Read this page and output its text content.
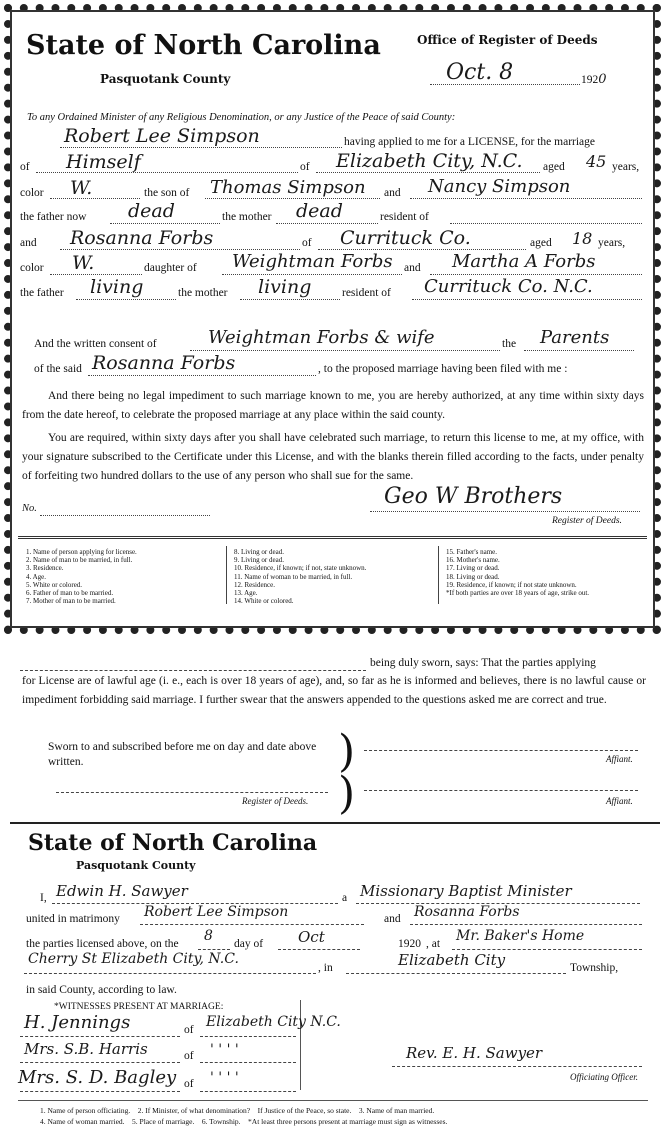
State of North Carolina
Pasquotank County
Office of Register of Deeds
Oct. 8	1920
To any Ordained Minister of any Religious Denomination, or any Justice of the Peace of said County:
Robert Lee Simpson	having applied to me for a LICENSE, for the marriage
of Himself	of Elizabeth City, N.C. aged 45 years,
color W.	the son of Thomas Simpson and Nancy Simpson
the father now dead	the mother dead	resident of
and Rosanna Forbs	of Currituck Co.	aged 18 years,
color W.	daughter of Weightman Forbs and Martha A Forbs
the father living	the mother living	resident of Currituck Co. N.C.
And the written consent of	Weightman Forbs & wife	the Parents
of the said Rosanna Forbs	, to the proposed marriage having been filed with me :
And there being no legal impediment to such marriage known to me, you are hereby authorized, at any time within sixty days from the date hereof, to celebrate the proposed marriage at any place within the said county.
You are required, within sixty days after you shall have celebrated such marriage, to return this license to me, at my office, with your signature subscribed to the Certificate under this License, and with the blanks therein filled according to the facts, under penalty of forfeiting two hundred dollars to the use of any person who shall sue for the same.
No.	Geo W Brothers
Register of Deeds.
1. Name of person applying for license.
2. Name of man to be married, in full.
3. Residence.
4. Age.
5. White or colored.
6. Father of man to be married.
7. Mother of man to be married.
8. Living or dead.
9. Living or dead.
10. Residence, if known; if not, state unknown.
11. Name of woman to be married, in full.
12. Residence.
13. Age.
14. White or colored.
15. Father's name.
16. Mother's name.
17. Living or dead.
18. Living or dead.
19. Residence, if known; if not state unknown.
*If both parties are over 18 years of age, strike out.
being duly sworn, says: That the parties applying
for License are of lawful age (i. e., each is over 18 years of age), and, so far as he is informed and believes, there is no lawful cause or impediment forbidding said marriage. I further swear that the answers appended to the questions asked me are correct and true.
Sworn to and subscribed before me on day and date above written.	)
)
Affiant.
Affiant.
Register of Deeds.
State of North Carolina
Pasquotank County
I, Edwin H. Sawyer	a Missionary Baptist Minister
united in matrimony Robert Lee Simpson	and Rosanna Forbs
the parties licensed above, on the 8 day of Oct	1920 , at Mr. Baker's Home
Cherry St Elizabeth City, N.C.
, in	Elizabeth City	Township,
in said County, according to law.
*WITNESSES PRESENT AT MARRIAGE:
H. Jennings	of Elizabeth City N.C.
Mrs. S.B. Harris	of ' ' ' '
Mrs. S. D. Bagley of ' ' ' '
Rev. E. H. Sawyer
Officiating Officer.
1. Name of person officiating.    2. If Minister, of what denomination?    If Justice of the Peace, so state.    3. Name of man married.
4. Name of woman married.    5. Place of marriage.    6. Township.    *At least three persons present at marriage must sign as witnesses.
